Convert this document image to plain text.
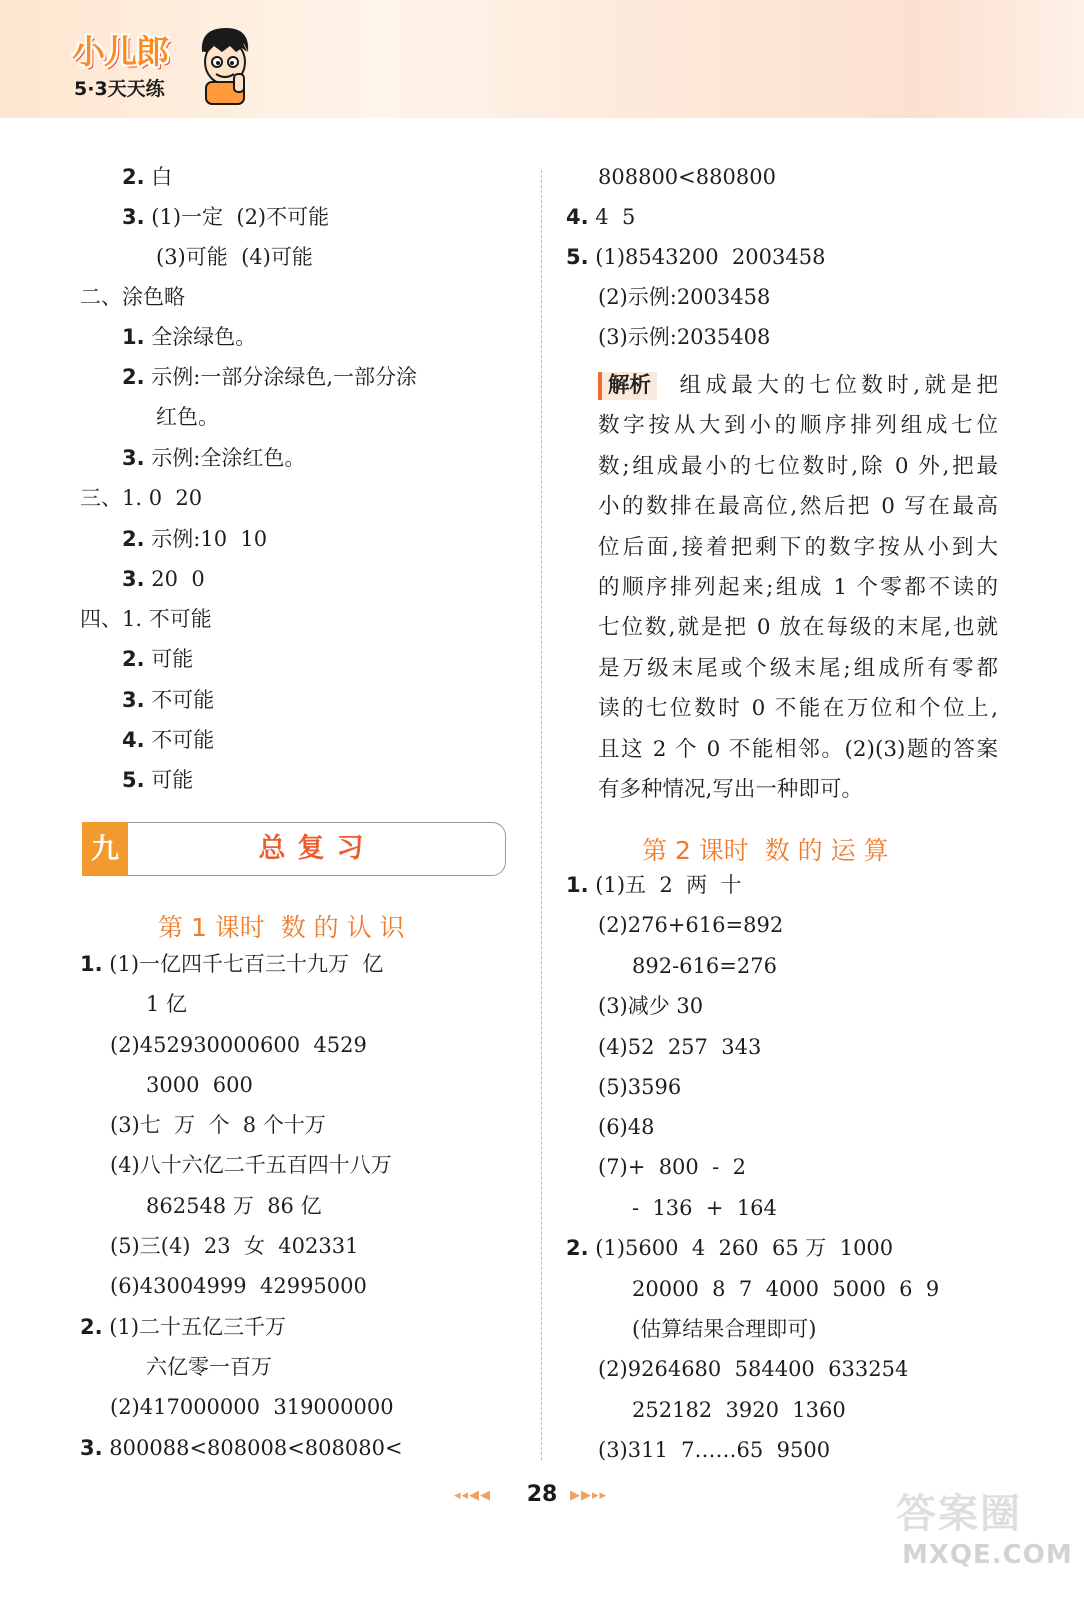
小儿郎
5·3天天练
2. 白
3. (1)一定  (2)不可能
(3)可能  (4)可能
二、涂色略
1. 全涂绿色。
2. 示例:一部分涂绿色,一部分涂
红色。
3. 示例:全涂红色。
三、1. 0  20
2. 示例:10  10
3. 20  0
四、1. 不可能
2. 可能
3. 不可能
4. 不可能
5. 可能
九	总复习
第 1 课时  数 的 认 识
1. (1)一亿四千七百三十九万  亿
1 亿
(2)452930000600  4529
3000  600
(3)七  万  个  8 个十万
(4)八十六亿二千五百四十八万
862548 万  86 亿
(5)三(4)  23  女  402331
(6)43004999  42995000
2. (1)二十五亿三千万
六亿零一百万
(2)417000000  319000000
3. 800088<808008<808080<
808800<880800
4. 4  5
5. (1)8543200  2003458
(2)示例:2003458
(3)示例:2035408
解析 组成最大的七位数时,就是把
数字按从大到小的顺序排列组成七位
数;组成最小的七位数时,除 0 外,把最
小的数排在最高位,然后把 0 写在最高
位后面,接着把剩下的数字按从小到大
的顺序排列起来;组成 1 个零都不读的
七位数,就是把 0 放在每级的末尾,也就
是万级末尾或个级末尾;组成所有零都
读的七位数时 0 不能在万位和个位上,
且这 2 个 0 不能相邻。(2)(3)题的答案
有多种情况,写出一种即可。
第 2 课时  数 的 运 算
1. (1)五  2  两  十
(2)276+616=892
892-616=276
(3)减少 30
(4)52  257  343
(5)3596
(6)48
(7)+  800  -  2
-  136  +  164
2. (1)5600  4  260  65 万  1000
20000  8  7  4000  5000  6  9
(估算结果合理即可)
(2)9264680  584400  633254
252182  3920  1360
(3)311  7……65  9500
◂◂◀◀	28 ▶▶▸▸	答案圈
MXQE.COM
